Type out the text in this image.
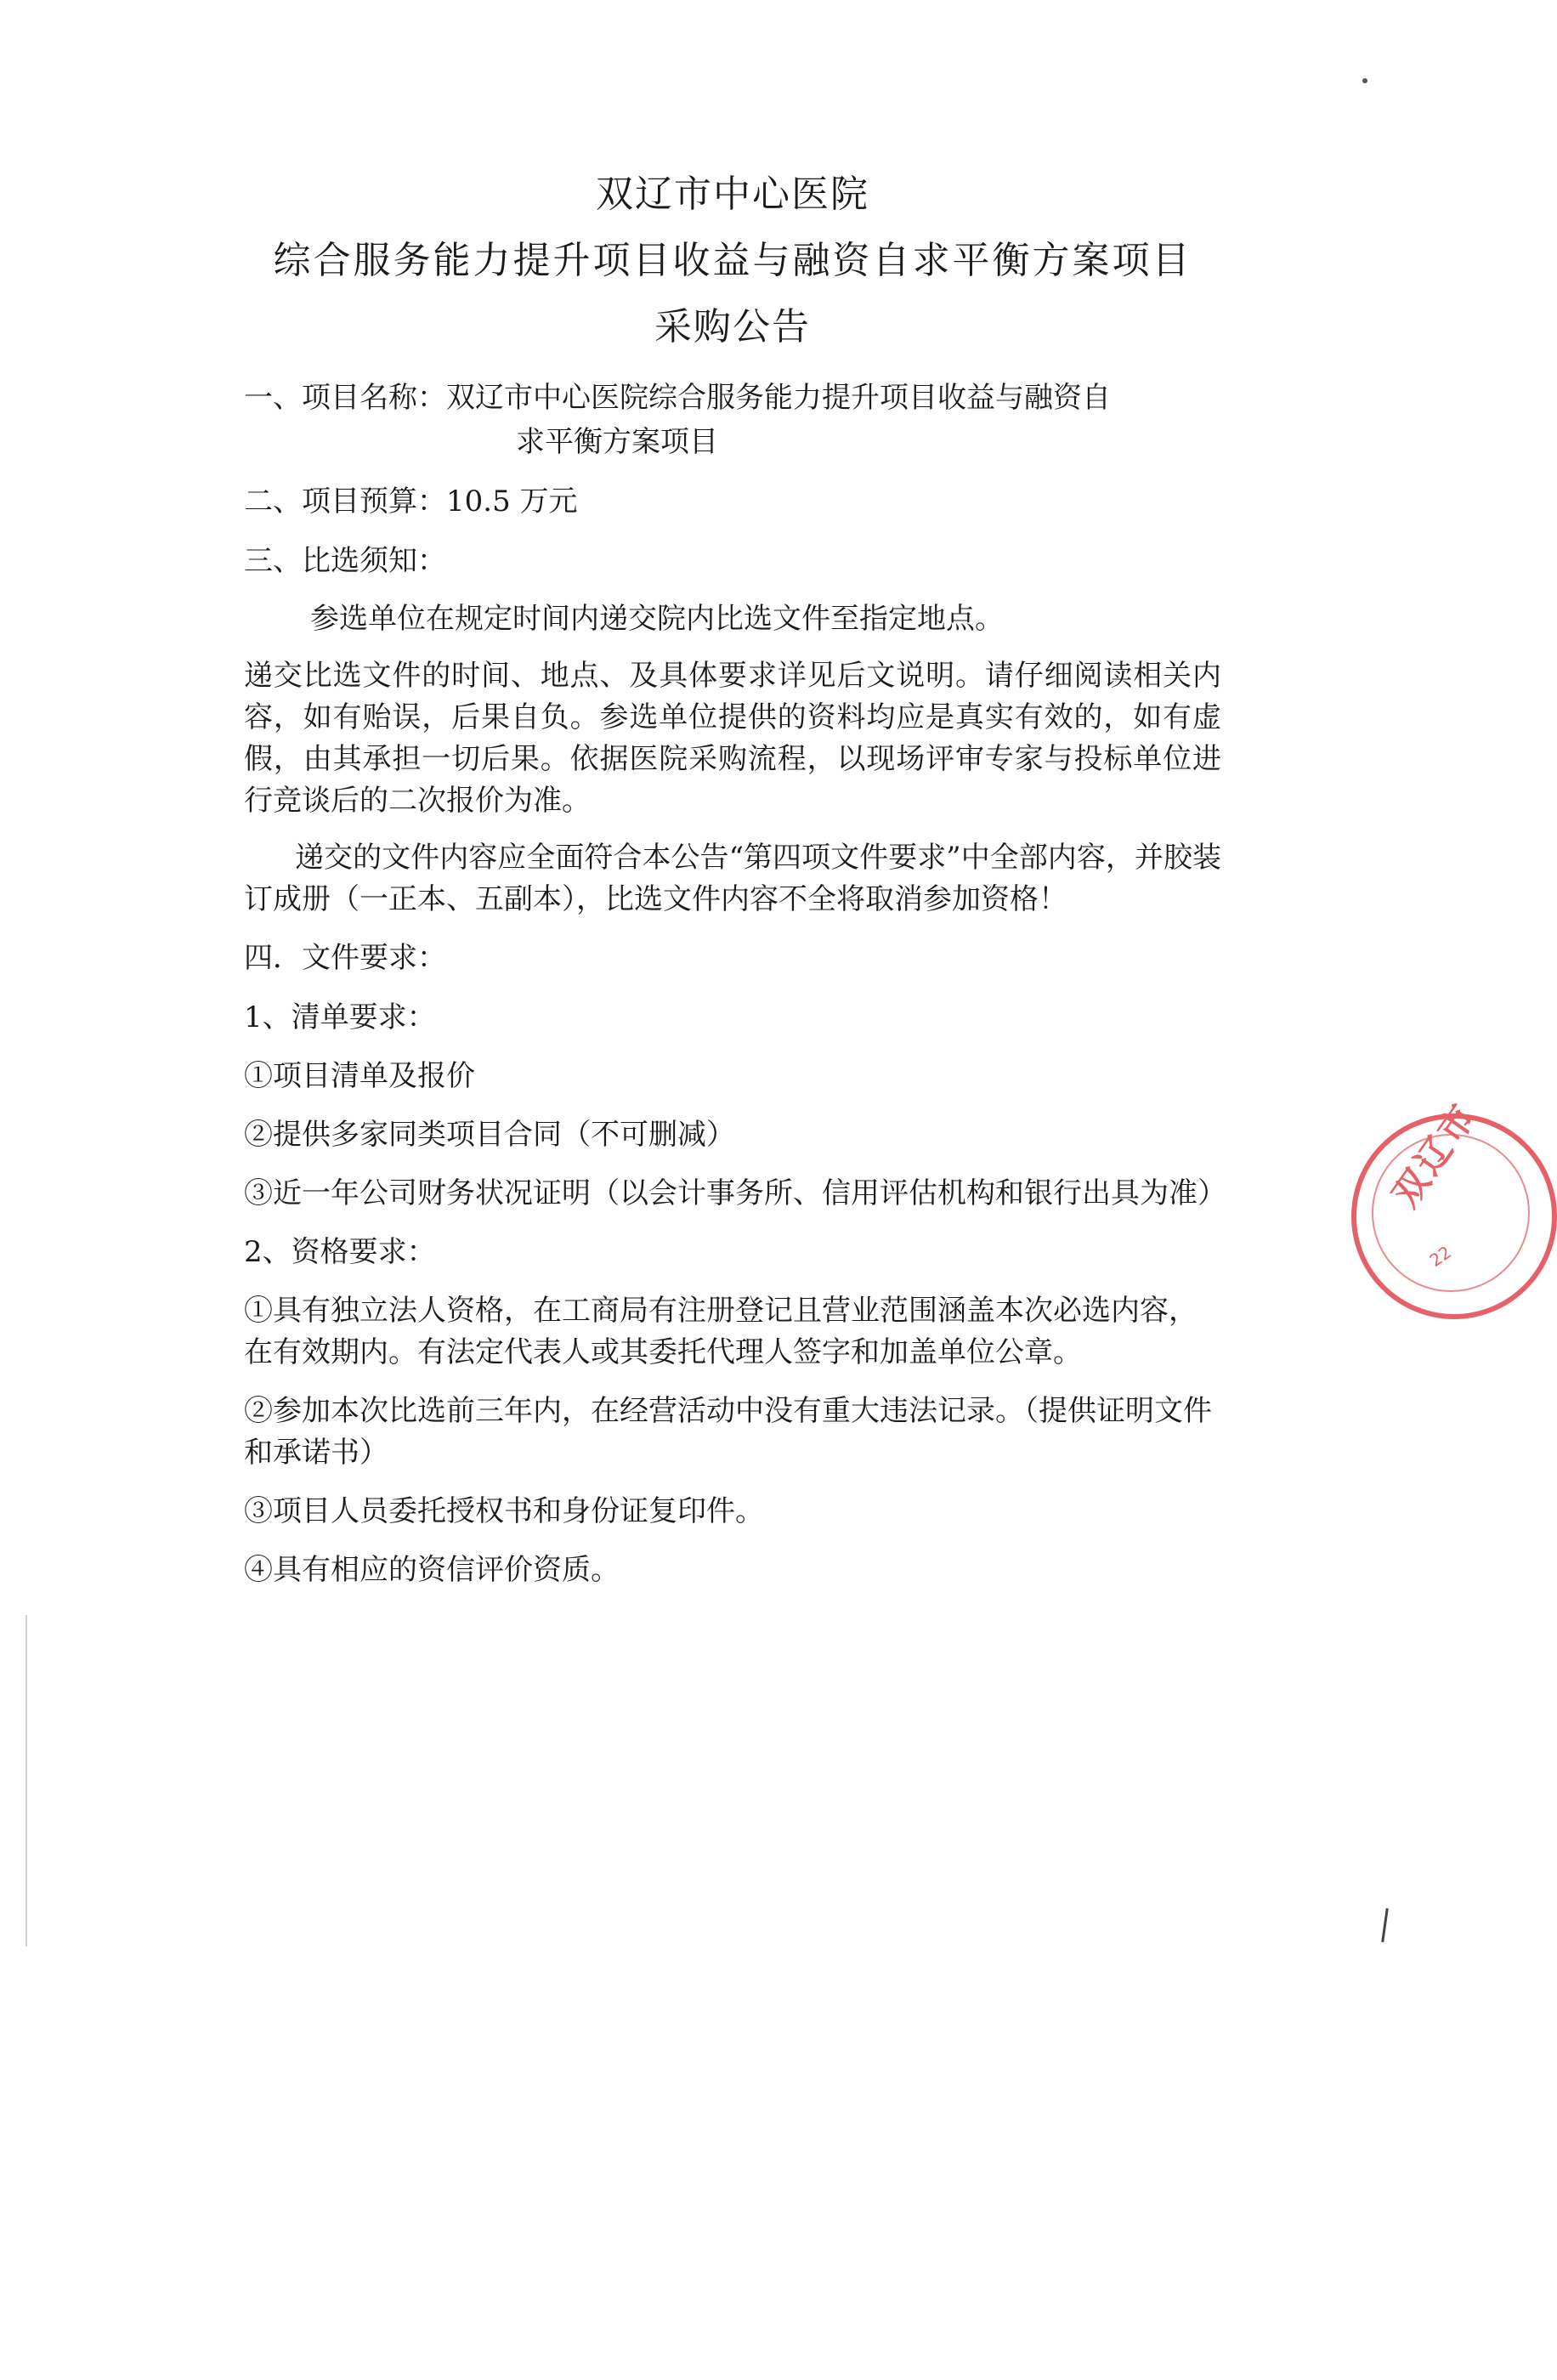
双辽市中心医院
综合服务能力提升项目收益与融资自求平衡方案项目
采购公告
一、项目名称：双辽市中心医院综合服务能力提升项目收益与融资自
求平衡方案项目
二、项目预算：10.5 万元
三、比选须知：
参选单位在规定时间内递交院内比选文件至指定地点。
递交比选文件的时间、地点、及具体要求详见后文说明。请仔细阅读相关内容，如有贻误，后果自负。参选单位提供的资料均应是真实有效的，如有虚假，由其承担一切后果。依据医院采购流程，以现场评审专家与投标单位进行竞谈后的二次报价为准。
递交的文件内容应全面符合本公告“第四项文件要求”中全部内容，并胶装订成册（一正本、五副本），比选文件内容不全将取消参加资格！
四．文件要求：
1、清单要求：
①项目清单及报价
②提供多家同类项目合同（不可删减）
③近一年公司财务状况证明（以会计事务所、信用评估机构和银行出具为准）
2、资格要求：
①具有独立法人资格，在工商局有注册登记且营业范围涵盖本次必选内容，在有效期内。有法定代表人或其委托代理人签字和加盖单位公章。
②参加本次比选前三年内，在经营活动中没有重大违法记录。（提供证明文件和承诺书）
③项目人员委托授权书和身份证复印件。
④具有相应的资信评价资质。
双辽市
22
